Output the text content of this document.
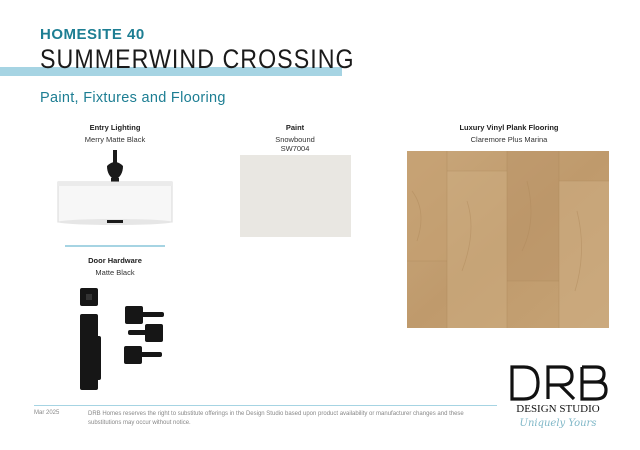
HOMESITE 40
SUMMERWIND CROSSING
Paint, Fixtures and Flooring
Entry Lighting
Merry Matte Black
Paint
Snowbound
SW7004
Luxury Vinyl Plank Flooring
Claremore Plus Marina
Door Hardware
Matte Black
DESIGN STUDIO
Uniquely Yours
Mar 2025	DRB Homes reserves the right to substitute offerings in the Design Studio based upon product availability or manufacturer changes and these substitutions may occur without notice.
